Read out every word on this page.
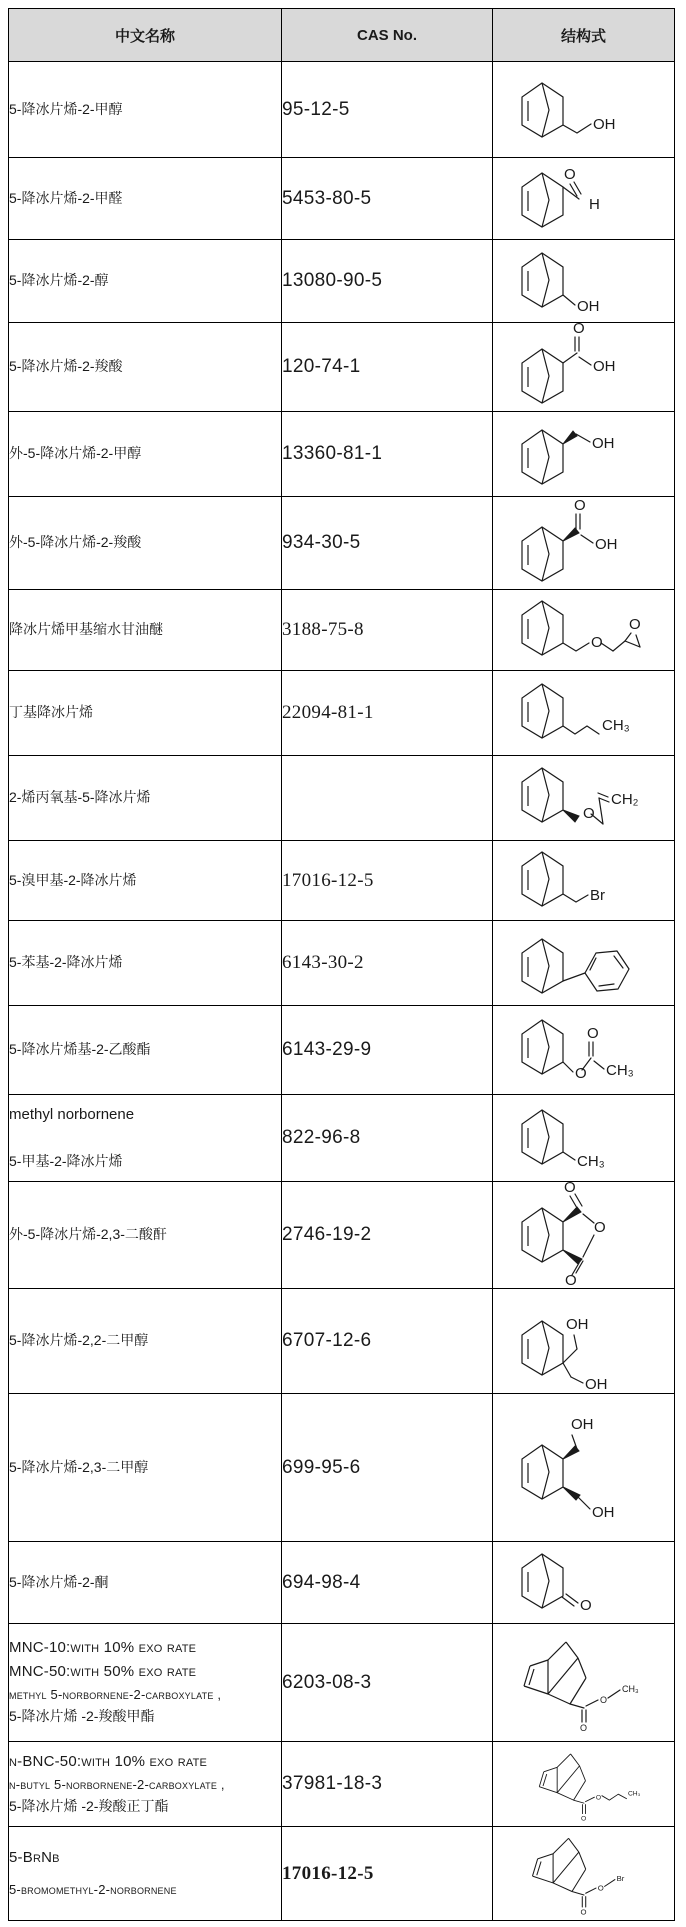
中文名称	CAS No.	结构式
5-降冰片烯-2-甲醇	95-12-5	OH

5-降冰片烯-2-甲醛	5453-80-5	O
H

5-降冰片烯-2-醇	13080-90-5	OH

5-降冰片烯-2-羧酸	120-74-1	O
OH

外-5-降冰片烯-2-甲醇	13360-81-1	OH

外-5-降冰片烯-2-羧酸	934-30-5	O
OH

降冰片烯甲基缩水甘油醚	3188-75-8	O
O

丁基降冰片烯	22094-81-1	CH₃

2-烯丙氧基-5-降冰片烯		O
CH₂

5-溴甲基-2-降冰片烯	17016-12-5	Br

5-苯基-2-降冰片烯	6143-30-2	
5-降冰片烯基-2-乙酸酯	6143-29-9	O
O
CH₃

methyl norbornene
5-甲基-2-降冰片烯	822-96-8	CH₃

外-5-降冰片烯-2,3-二酸酐	2746-19-2	O
O
O

5-降冰片烯-2,2-二甲醇	6707-12-6	OH
OH

5-降冰片烯-2,3-二甲醇	699-95-6	OH
OH

5-降冰片烯-2-酮	694-98-4	O

MNC-10:with 10% exo rate
MNC-50:with 50% exo rate
methyl 5-norbornene-2-carboxylate ,
5-降冰片烯 -2-羧酸甲酯
	6203-08-3	
O
O
CH₃

n-BNC-50:with 10% exo rate
n-butyl 5-norbornene-2-carboxylate ,
5-降冰片烯 -2-羧酸正丁酯
	37981-18-3	
O
O
CH₃

5-BrNb
5-bromomethyl-2-norbornene
	17016-12-5	
O
O
Br
